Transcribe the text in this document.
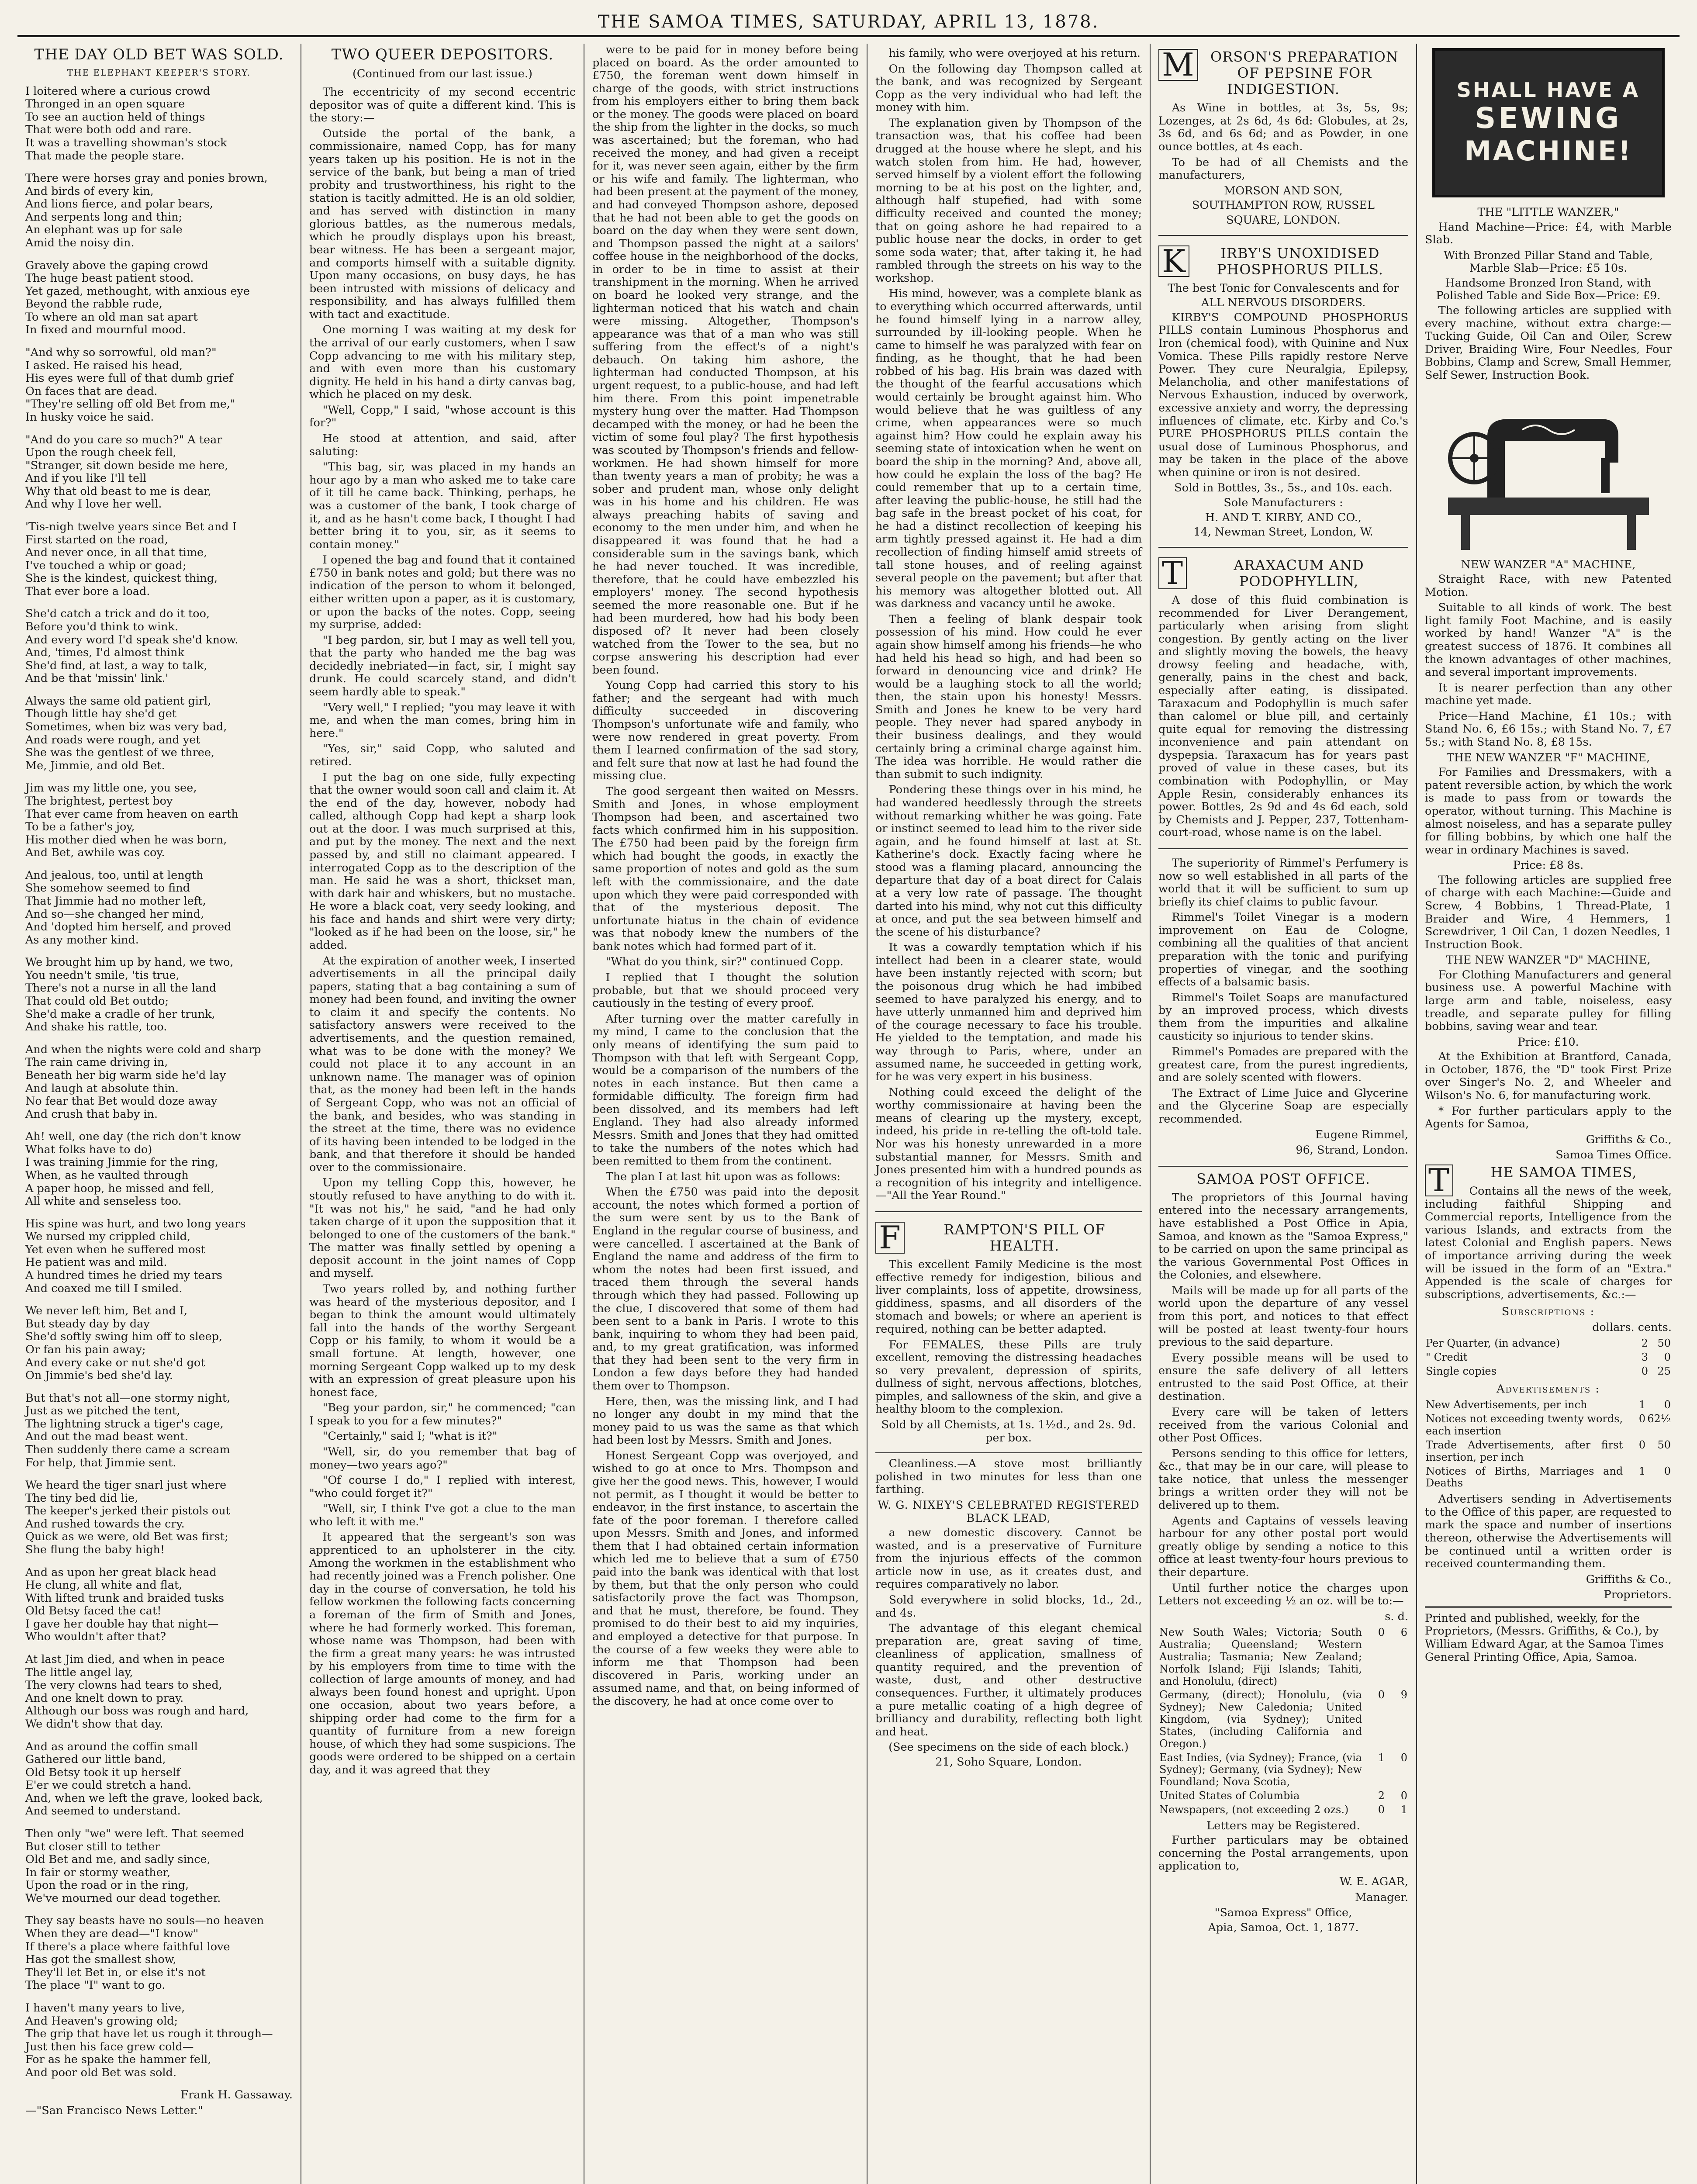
THE SAMOA TIMES, SATURDAY, APRIL 13, 1878.
THE DAY OLD BET WAS SOLD.
THE ELEPHANT KEEPER'S STORY.

I loitered where a curious crowd
Thronged in an open square
To see an auction held of things
That were both odd and rare.
It was a travelling showman's stock
That made the people stare.

There were horses gray and ponies brown,
And birds of every kin,
And lions fierce, and polar bears,
And serpents long and thin;
An elephant was up for sale
Amid the noisy din.

Gravely above the gaping crowd
The huge beast patient stood.
Yet gazed, methought, with anxious eye
Beyond the rabble rude,
To where an old man sat apart
In fixed and mournful mood.

"And why so sorrowful, old man?"
I asked. He raised his head,
His eyes were full of that dumb grief
On faces that are dead.
"They're selling off old Bet from me,"
In husky voice he said.

"And do you care so much?" A tear
Upon the rough cheek fell,
"Stranger, sit down beside me here,
And if you like I'll tell
Why that old beast to me is dear,
And why I love her well.

'Tis-nigh twelve years since Bet and I
First started on the road,
And never once, in all that time,
I've touched a whip or goad;
She is the kindest, quickest thing,
That ever bore a load.

She'd catch a trick and do it too,
Before you'd think to wink.
And every word I'd speak she'd know.
And, 'times, I'd almost think
She'd find, at last, a way to talk,
And be that 'missin' link.'

Always the same old patient girl,
Though little hay she'd get
Sometimes, when biz was very bad,
And roads were rough, and yet
She was the gentlest of we three,
Me, Jimmie, and old Bet.

Jim was my little one, you see,
The brightest, pertest boy
That ever came from heaven on earth
To be a father's joy,
His mother died when he was born,
And Bet, awhile was coy.

And jealous, too, until at length
She somehow seemed to find
That Jimmie had no mother left,
And so—she changed her mind,
And 'dopted him herself, and proved
As any mother kind.

We brought him up by hand, we two,
You needn't smile, 'tis true,
There's not a nurse in all the land
That could old Bet outdo;
She'd make a cradle of her trunk,
And shake his rattle, too.

And when the nights were cold and sharp
The rain came driving in,
Beneath her big warm side he'd lay
And laugh at absolute thin.
No fear that Bet would doze away
And crush that baby in.

Ah! well, one day (the rich don't know
What folks have to do)
I was training Jimmie for the ring,
When, as he vaulted through
A paper hoop, he missed and fell,
All white and senseless too.

His spine was hurt, and two long years
We nursed my crippled child,
Yet even when he suffered most
He patient was and mild.
A hundred times he dried my tears
And coaxed me till I smiled.

We never left him, Bet and I,
But steady day by day
She'd softly swing him off to sleep,
Or fan his pain away;
And every cake or nut she'd got
On Jimmie's bed she'd lay.

But that's not all—one stormy night,
Just as we pitched the tent,
The lightning struck a tiger's cage,
And out the mad beast went.
Then suddenly there came a scream
For help, that Jimmie sent.

We heard the tiger snarl just where
The tiny bed did lie,
The keeper's jerked their pistols out
And rushed towards the cry.
Quick as we were, old Bet was first;
She flung the baby high!

And as upon her great black head
He clung, all white and flat,
With lifted trunk and braided tusks
Old Betsy faced the cat!
I gave her double hay that night—
Who wouldn't after that?

At last Jim died, and when in peace
The little angel lay,
The very clowns had tears to shed,
And one knelt down to pray.
Although our boss was rough and hard,
We didn't show that day.

And as around the coffin small
Gathered our little band,
Old Betsy took it up herself
E'er we could stretch a hand.
And, when we left the grave, looked back,
And seemed to understand.

Then only "we" were left. That seemed
But closer still to tether
Old Bet and me, and sadly since,
In fair or stormy weather,
Upon the road or in the ring,
We've mourned our dead together.

They say beasts have no souls—no heaven
When they are dead—"I know"
If there's a place where faithful love
Has got the smallest show,
They'll let Bet in, or else it's not
The place "I" want to go.

I haven't many years to live,
And Heaven's growing old;
The grip that have let us rough it through—
Just then his face grew cold—
For as he spake the hammer fell,
And poor old Bet was sold.

Frank H. Gassaway.
—"San Francisco News Letter."
TWO QUEER DEPOSITORS.
(Continued from our last issue.)

The eccentricity of my second eccentric depositor was of quite a different kind. This is the story:—

Outside the portal of the bank, a commissionaire, named Copp, has for many years taken up his position. He is not in the service of the bank, but being a man of tried probity and trustworthiness, his right to the station is tacitly admitted. He is an old soldier, and has served with distinction in many glorious battles, as the numerous medals, which he proudly displays upon his breast, bear witness. He has been a sergeant major, and comports himself with a suitable dignity. Upon many occasions, on busy days, he has been intrusted with missions of delicacy and responsibility, and has always fulfilled them with tact and exactitude.

One morning I was waiting at my desk for the arrival of our early customers, when I saw Copp advancing to me with his military step, and with even more than his customary dignity. He held in his hand a dirty canvas bag, which he placed on my desk.

"Well, Copp," I said, "whose account is this for?"

He stood at attention, and said, after saluting:

"This bag, sir, was placed in my hands an hour ago by a man who asked me to take care of it till he came back. Thinking, perhaps, he was a customer of the bank, I took charge of it, and as he hasn't come back, I thought I had better bring it to you, sir, as it seems to contain money."

I opened the bag and found that it contained £750 in bank notes and gold; but there was no indication of the person to whom it belonged, either written upon a paper, as it is customary, or upon the backs of the notes. Copp, seeing my surprise, added:

"I beg pardon, sir, but I may as well tell you, that the party who handed me the bag was decidedly inebriated—in fact, sir, I might say drunk. He could scarcely stand, and didn't seem hardly able to speak."

"Very well," I replied; "you may leave it with me, and when the man comes, bring him in here."

"Yes, sir," said Copp, who saluted and retired.

I put the bag on one side, fully expecting that the owner would soon call and claim it. At the end of the day, however, nobody had called, although Copp had kept a sharp look out at the door. I was much surprised at this, and put by the money. The next and the next passed by, and still no claimant appeared. I interrogated Copp as to the description of the man. He said he was a short, thickset man, with dark hair and whiskers, but no mustache. He wore a black coat, very seedy looking, and his face and hands and shirt were very dirty; "looked as if he had been on the loose, sir," he added.

At the expiration of another week, I inserted advertisements in all the principal daily papers, stating that a bag containing a sum of money had been found, and inviting the owner to claim it and specify the contents. No satisfactory answers were received to the advertisements, and the question remained, what was to be done with the money? We could not place it to any account in an unknown name. The manager was of opinion that, as the money had been left in the hands of Sergeant Copp, who was not an official of the bank, and besides, who was standing in the street at the time, there was no evidence of its having been intended to be lodged in the bank, and that therefore it should be handed over to the commissionaire.

Upon my telling Copp this, however, he stoutly refused to have anything to do with it. "It was not his," he said, "and he had only taken charge of it upon the supposition that it belonged to one of the customers of the bank." The matter was finally settled by opening a deposit account in the joint names of Copp and myself.

Two years rolled by, and nothing further was heard of the mysterious depositor, and I began to think the amount would ultimately fall into the hands of the worthy Sergeant Copp or his family, to whom it would be a small fortune. At length, however, one morning Sergeant Copp walked up to my desk with an expression of great pleasure upon his honest face,

"Beg your pardon, sir," he commenced; "can I speak to you for a few minutes?"

"Certainly," said I; "what is it?"

"Well, sir, do you remember that bag of money—two years ago?"

"Of course I do," I replied with interest, "who could forget it?"

"Well, sir, I think I've got a clue to the man who left it with me."

It appeared that the sergeant's son was apprenticed to an upholsterer in the city. Among the workmen in the establishment who had recently joined was a French polisher. One day in the course of conversation, he told his fellow workmen the following facts concerning a foreman of the firm of Smith and Jones, where he had formerly worked. This foreman, whose name was Thompson, had been with the firm a great many years: he was intrusted by his employers from time to time with the collection of large amounts of money, and had always been found honest and upright. Upon one occasion, about two years before, a shipping order had come to the firm for a quantity of furniture from a new foreign house, of which they had some suspicions. The goods were ordered to be shipped on a certain day, and it was agreed that they

were to be paid for in money before being placed on board. As the order amounted to £750, the foreman went down himself in charge of the goods, with strict instructions from his employers either to bring them back or the money. The goods were placed on board the ship from the lighter in the docks, so much was ascertained; but the foreman, who had received the money, and had given a receipt for it, was never seen again, either by the firm or his wife and family. The lighterman, who had been present at the payment of the money, and had conveyed Thompson ashore, deposed that he had not been able to get the goods on board on the day when they were sent down, and Thompson passed the night at a sailors' coffee house in the neighborhood of the docks, in order to be in time to assist at their transhipment in the morning. When he arrived on board he looked very strange, and the lighterman noticed that his watch and chain were missing. Altogether, Thompson's appearance was that of a man who was still suffering from the effect's of a night's debauch. On taking him ashore, the lighterman had conducted Thompson, at his urgent request, to a public-house, and had left him there. From this point impenetrable mystery hung over the matter. Had Thompson decamped with the money, or had he been the victim of some foul play? The first hypothesis was scouted by Thompson's friends and fellow-workmen. He had shown himself for more than twenty years a man of probity; he was a sober and prudent man, whose only delight was in his home and his children. He was always preaching habits of saving and economy to the men under him, and when he disappeared it was found that he had a considerable sum in the savings bank, which he had never touched. It was incredible, therefore, that he could have embezzled his employers' money. The second hypothesis seemed the more reasonable one. But if he had been murdered, how had his body been disposed of? It never had been closely watched from the Tower to the sea, but no corpse answering his description had ever been found.

Young Copp had carried this story to his father; and the sergeant had with much difficulty succeeded in discovering Thompson's unfortunate wife and family, who were now rendered in great poverty. From them I learned confirmation of the sad story, and felt sure that now at last he had found the missing clue.

The good sergeant then waited on Messrs. Smith and Jones, in whose employment Thompson had been, and ascertained two facts which confirmed him in his supposition. The £750 had been paid by the foreign firm which had bought the goods, in exactly the same proportion of notes and gold as the sum left with the commissionaire, and the date upon which they were paid corresponded with that of the mysterious deposit. The unfortunate hiatus in the chain of evidence was that nobody knew the numbers of the bank notes which had formed part of it.

"What do you think, sir?" continued Copp.

I replied that I thought the solution probable, but that we should proceed very cautiously in the testing of every proof.

After turning over the matter carefully in my mind, I came to the conclusion that the only means of identifying the sum paid to Thompson with that left with Sergeant Copp, would be a comparison of the numbers of the notes in each instance. But then came a formidable difficulty. The foreign firm had been dissolved, and its members had left England. They had also already informed Messrs. Smith and Jones that they had omitted to take the numbers of the notes which had been remitted to them from the continent.

The plan I at last hit upon was as follows:

When the £750 was paid into the deposit account, the notes which formed a portion of the sum were sent by us to the Bank of England in the regular course of business, and were cancelled. I ascertained at the Bank of England the name and address of the firm to whom the notes had been first issued, and traced them through the several hands through which they had passed. Following up the clue, I discovered that some of them had been sent to a bank in Paris. I wrote to this bank, inquiring to whom they had been paid, and, to my great gratification, was informed that they had been sent to the very firm in London a few days before they had handed them over to Thompson.

Here, then, was the missing link, and I had no longer any doubt in my mind that the money paid to us was the same as that which had been lost by Messrs. Smith and Jones.

Honest Sergeant Copp was overjoyed, and wished to go at once to Mrs. Thompson and give her the good news. This, however, I would not permit, as I thought it would be better to endeavor, in the first instance, to ascertain the fate of the poor foreman. I therefore called upon Messrs. Smith and Jones, and informed them that I had obtained certain information which led me to believe that a sum of £750 paid into the bank was identical with that lost by them, but that the only person who could satisfactorily prove the fact was Thompson, and that he must, therefore, be found. They promised to do their best to aid my inquiries, and employed a detective for that purpose. In the course of a few weeks they were able to inform me that Thompson had been discovered in Paris, working under an assumed name, and that, on being informed of the discovery, he had at once come over to

his family, who were overjoyed at his return.

On the following day Thompson called at the bank, and was recognized by Sergeant Copp as the very individual who had left the money with him.

The explanation given by Thompson of the transaction was, that his coffee had been drugged at the house where he slept, and his watch stolen from him. He had, however, served himself by a violent effort the following morning to be at his post on the lighter, and, although half stupefied, had with some difficulty received and counted the money; that on going ashore he had repaired to a public house near the docks, in order to get some soda water; that, after taking it, he had rambled through the streets on his way to the workshop.

His mind, however, was a complete blank as to everything which occurred afterwards, until he found himself lying in a narrow alley, surrounded by ill-looking people. When he came to himself he was paralyzed with fear on finding, as he thought, that he had been robbed of his bag. His brain was dazed with the thought of the fearful accusations which would certainly be brought against him. Who would believe that he was guiltless of any crime, when appearances were so much against him? How could he explain away his seeming state of intoxication when he went on board the ship in the morning? And, above all, how could he explain the loss of the bag? He could remember that up to a certain time, after leaving the public-house, he still had the bag safe in the breast pocket of his coat, for he had a distinct recollection of keeping his arm tightly pressed against it. He had a dim recollection of finding himself amid streets of tall stone houses, and of reeling against several people on the pavement; but after that his memory was altogether blotted out. All was darkness and vacancy until he awoke.

Then a feeling of blank despair took possession of his mind. How could he ever again show himself among his friends—he who had held his head so high, and had been so forward in denouncing vice and drink? He would be a laughing stock to all the world; then, the stain upon his honesty! Messrs. Smith and Jones he knew to be very hard people. They never had spared anybody in their business dealings, and they would certainly bring a criminal charge against him. The idea was horrible. He would rather die than submit to such indignity.

Pondering these things over in his mind, he had wandered heedlessly through the streets without remarking whither he was going. Fate or instinct seemed to lead him to the river side again, and he found himself at last at St. Katherine's dock. Exactly facing where he stood was a flaming placard, announcing the departure that day of a boat direct for Calais at a very low rate of passage. The thought darted into his mind, why not cut this difficulty at once, and put the sea between himself and the scene of his disturbance?

It was a cowardly temptation which if his intellect had been in a clearer state, would have been instantly rejected with scorn; but the poisonous drug which he had imbibed seemed to have paralyzed his energy, and to have utterly unmanned him and deprived him of the courage necessary to face his trouble. He yielded to the temptation, and made his way through to Paris, where, under an assumed name, he succeeded in getting work, for he was very expert in his business.

Nothing could exceed the delight of the worthy commissionaire at having been the means of clearing up the mystery, except, indeed, his pride in re-telling the oft-told tale. Nor was his honesty unrewarded in a more substantial manner, for Messrs. Smith and Jones presented him with a hundred pounds as a recognition of his integrity and intelligence.—"All the Year Round."

FRAMPTON'S PILL OF HEALTH.

This excellent Family Medicine is the most effective remedy for indigestion, bilious and liver complaints, loss of appetite, drowsiness, giddiness, spasms, and all disorders of the stomach and bowels; or where an aperient is required, nothing can be better adapted.

For FEMALES, these Pills are truly excellent, removing the distressing headaches so very prevalent, depression of spirits, dullness of sight, nervous affections, blotches, pimples, and sallowness of the skin, and give a healthy bloom to the complexion.

Sold by all Chemists, at 1s. 1½d., and 2s. 9d. per box.

Cleanliness.—A stove most brilliantly polished in two minutes for less than one farthing.

W. G. NIXEY'S CELEBRATED REGISTERED BLACK LEAD,

a new domestic discovery. Cannot be wasted, and is a preservative of Furniture from the injurious effects of the common article now in use, as it creates dust, and requires comparatively no labor.

Sold everywhere in solid blocks, 1d., 2d., and 4s.

The advantage of this elegant chemical preparation are, great saving of time, cleanliness of application, smallness of quantity required, and the prevention of waste, dust, and other destructive consequences. Further, it ultimately produces a pure metallic coating of a high degree of brilliancy and durability, reflecting both light and heat.

(See specimens on the side of each block.)

21, Soho Square, London.

MORSON'S PREPARATION OF PEPSINE FOR INDIGESTION.

As Wine in bottles, at 3s, 5s, 9s; Lozenges, at 2s 6d, 4s 6d: Globules, at 2s, 3s 6d, and 6s 6d; and as Powder, in one ounce bottles, at 4s each.

To be had of all Chemists and the manufacturers,

MORSON AND SON,

SOUTHAMPTON ROW, RUSSEL

SQUARE, LONDON.

KIRBY'S UNOXIDISED PHOSPHORUS PILLS.

The best Tonic for Convalescents and for

ALL NERVOUS DISORDERS.

KIRBY'S COMPOUND PHOSPHORUS PILLS contain Luminous Phosphorus and Iron (chemical food), with Quinine and Nux Vomica. These Pills rapidly restore Nerve Power. They cure Neuralgia, Epilepsy, Melancholia, and other manifestations of Nervous Exhaustion, induced by overwork, excessive anxiety and worry, the depressing influences of climate, etc. Kirby and Co.'s PURE PHOSPHORUS PILLS contain the usual dose of Luminous Phosphorus, and may be taken in the place of the above when quinine or iron is not desired.

Sold in Bottles, 3s., 5s., and 10s. each.

Sole Manufacturers :

H. AND T. KIRBY, AND CO.,

14, Newman Street, London, W.

TARAXACUM AND PODOPHYLLIN,

A dose of this fluid combination is recommended for Liver Derangement, particularly when arising from slight congestion. By gently acting on the liver and slightly moving the bowels, the heavy drowsy feeling and headache, with, generally, pains in the chest and back, especially after eating, is dissipated. Taraxacum and Podophyllin is much safer than calomel or blue pill, and certainly quite equal for removing the distressing inconvenience and pain attendant on dyspepsia. Taraxacum has for years past proved of value in these cases, but its combination with Podophyllin, or May Apple Resin, considerably enhances its power. Bottles, 2s 9d and 4s 6d each, sold by Chemists and J. Pepper, 237, Tottenham-court-road, whose name is on the label.

The superiority of Rimmel's Perfumery is now so well established in all parts of the world that it will be sufficient to sum up briefly its chief claims to public favour.

Rimmel's Toilet Vinegar is a modern improvement on Eau de Cologne, combining all the qualities of that ancient preparation with the tonic and purifying properties of vinegar, and the soothing effects of a balsamic basis.

Rimmel's Toilet Soaps are manufactured by an improved process, which divests them from the impurities and alkaline causticity so injurious to tender skins.

Rimmel's Pomades are prepared with the greatest care, from the purest ingredients, and are solely scented with flowers.

The Extract of Lime Juice and Glycerine and the Glycerine Soap are especially recommended.

Eugene Rimmel,

96, Strand, London.

SAMOA POST OFFICE.

The proprietors of this Journal having entered into the necessary arrangements, have established a Post Office in Apia, Samoa, and known as the "Samoa Express," to be carried on upon the same principal as the various Governmental Post Offices in the Colonies, and elsewhere.

Mails will be made up for all parts of the world upon the departure of any vessel from this port, and notices to that effect will be posted at least twenty-four hours previous to the said departure.

Every possible means will be used to ensure the safe delivery of all letters entrusted to the said Post Office, at their destination.

Every care will be taken of letters received from the various Colonial and other Post Offices.

Persons sending to this office for letters, &c., that may be in our care, will please to take notice, that unless the messenger brings a written order they will not be delivered up to them.

Agents and Captains of vessels leaving harbour for any other postal port would greatly oblige by sending a notice to this office at least twenty-four hours previous to their departure.

Until further notice the charges upon Letters not exceeding ½ an oz. will be to:—

s. d.
New South Wales; Victoria; South Australia; Queensland; Western Australia; Tasmania; New Zealand; Norfolk Island; Fiji Islands; Tahiti, and Honolulu, (direct)	0	6
Germany, (direct); Honolulu, (via Sydney); New Caledonia; United Kingdom, (via Sydney); United States, (including California and Oregon.)	0	9
East Indies, (via Sydney); France, (via Sydney); Germany, (via Sydney); New Foundland; Nova Scotia,	1	0
United States of Columbia	2	0
Newspapers, (not exceeding 2 ozs.)	0	1

Letters may be Registered.

Further particulars may be obtained concerning the Postal arrangements, upon application to,

W. E. AGAR,

Manager.

"Samoa Express" Office,

Apia, Samoa, Oct. 1, 1877.

SHALL HAVE A
SEWING
MACHINE!
THE "LITTLE WANZER,"

Hand Machine—Price: £4, with Marble Slab.

With Bronzed Pillar Stand and Table, Marble Slab—Price: £5 10s.

Handsome Bronzed Iron Stand, with Polished Table and Side Box—Price: £9.

The following articles are supplied with every machine, without extra charge:—Tucking Guide, Oil Can and Oiler, Screw Driver, Braiding Wire, Four Needles, Four Bobbins, Clamp and Screw, Small Hemmer, Self Sewer, Instruction Book.

NEW WANZER "A" MACHINE,

Straight Race, with new Patented Motion.

Suitable to all kinds of work. The best light family Foot Machine, and is easily worked by hand! Wanzer "A" is the greatest success of 1876. It combines all the known advantages of other machines, and several important improvements.

It is nearer perfection than any other machine yet made.

Price—Hand Machine, £1 10s.; with Stand No. 6, £6 15s.; with Stand No. 7, £7 5s.; with Stand No. 8, £8 15s.

THE NEW WANZER "F" MACHINE,

For Families and Dressmakers, with a patent reversible action, by which the work is made to pass from or towards the operator, without turning. This Machine is almost noiseless, and has a separate pulley for filling bobbins, by which one half the wear in ordinary Machines is saved.

Price: £8 8s.

The following articles are supplied free of charge with each Machine:—Guide and Screw, 4 Bobbins, 1 Thread-Plate, 1 Braider and Wire, 4 Hemmers, 1 Screwdriver, 1 Oil Can, 1 dozen Needles, 1 Instruction Book.

THE NEW WANZER "D" MACHINE,

For Clothing Manufacturers and general business use. A powerful Machine with large arm and table, noiseless, easy treadle, and separate pulley for filling bobbins, saving wear and tear.

Price: £10.

At the Exhibition at Brantford, Canada, in October, 1876, the "D" took First Prize over Singer's No. 2, and Wheeler and Wilson's No. 6, for manufacturing work.

* For further particulars apply to the Agents for Samoa,

Griffiths & Co.,

Samoa Times Office.

THE SAMOA TIMES,

Contains all the news of the week, including faithful Shipping and Commercial reports, Intelligence from the various Islands, and extracts from the latest Colonial and English papers. News of importance arriving during the week will be issued in the form of an "Extra." Appended is the scale of charges for subscriptions, advertisements, &c.:—

Subscriptions :
dollars. cents.
Per Quarter, (in advance)	2	50
" Credit	3	0
Single copies	0	25
Advertisements :
New Advertisements, per inch	1	0
Notices not exceeding twenty words, each insertion	0	62½
Trade Advertisements, after first insertion, per inch	0	50
Notices of Births, Marriages and Deaths	1	0

Advertisers sending in Advertisements to the Office of this paper, are requested to mark the space and number of insertions thereon, otherwise the Advertisements will be continued until a written order is received countermanding them.

Griffiths & Co.,

Proprietors.

Printed and published, weekly, for the Proprietors, (Messrs. Griffiths, & Co.), by William Edward Agar, at the Samoa Times General Printing Office, Apia, Samoa.
